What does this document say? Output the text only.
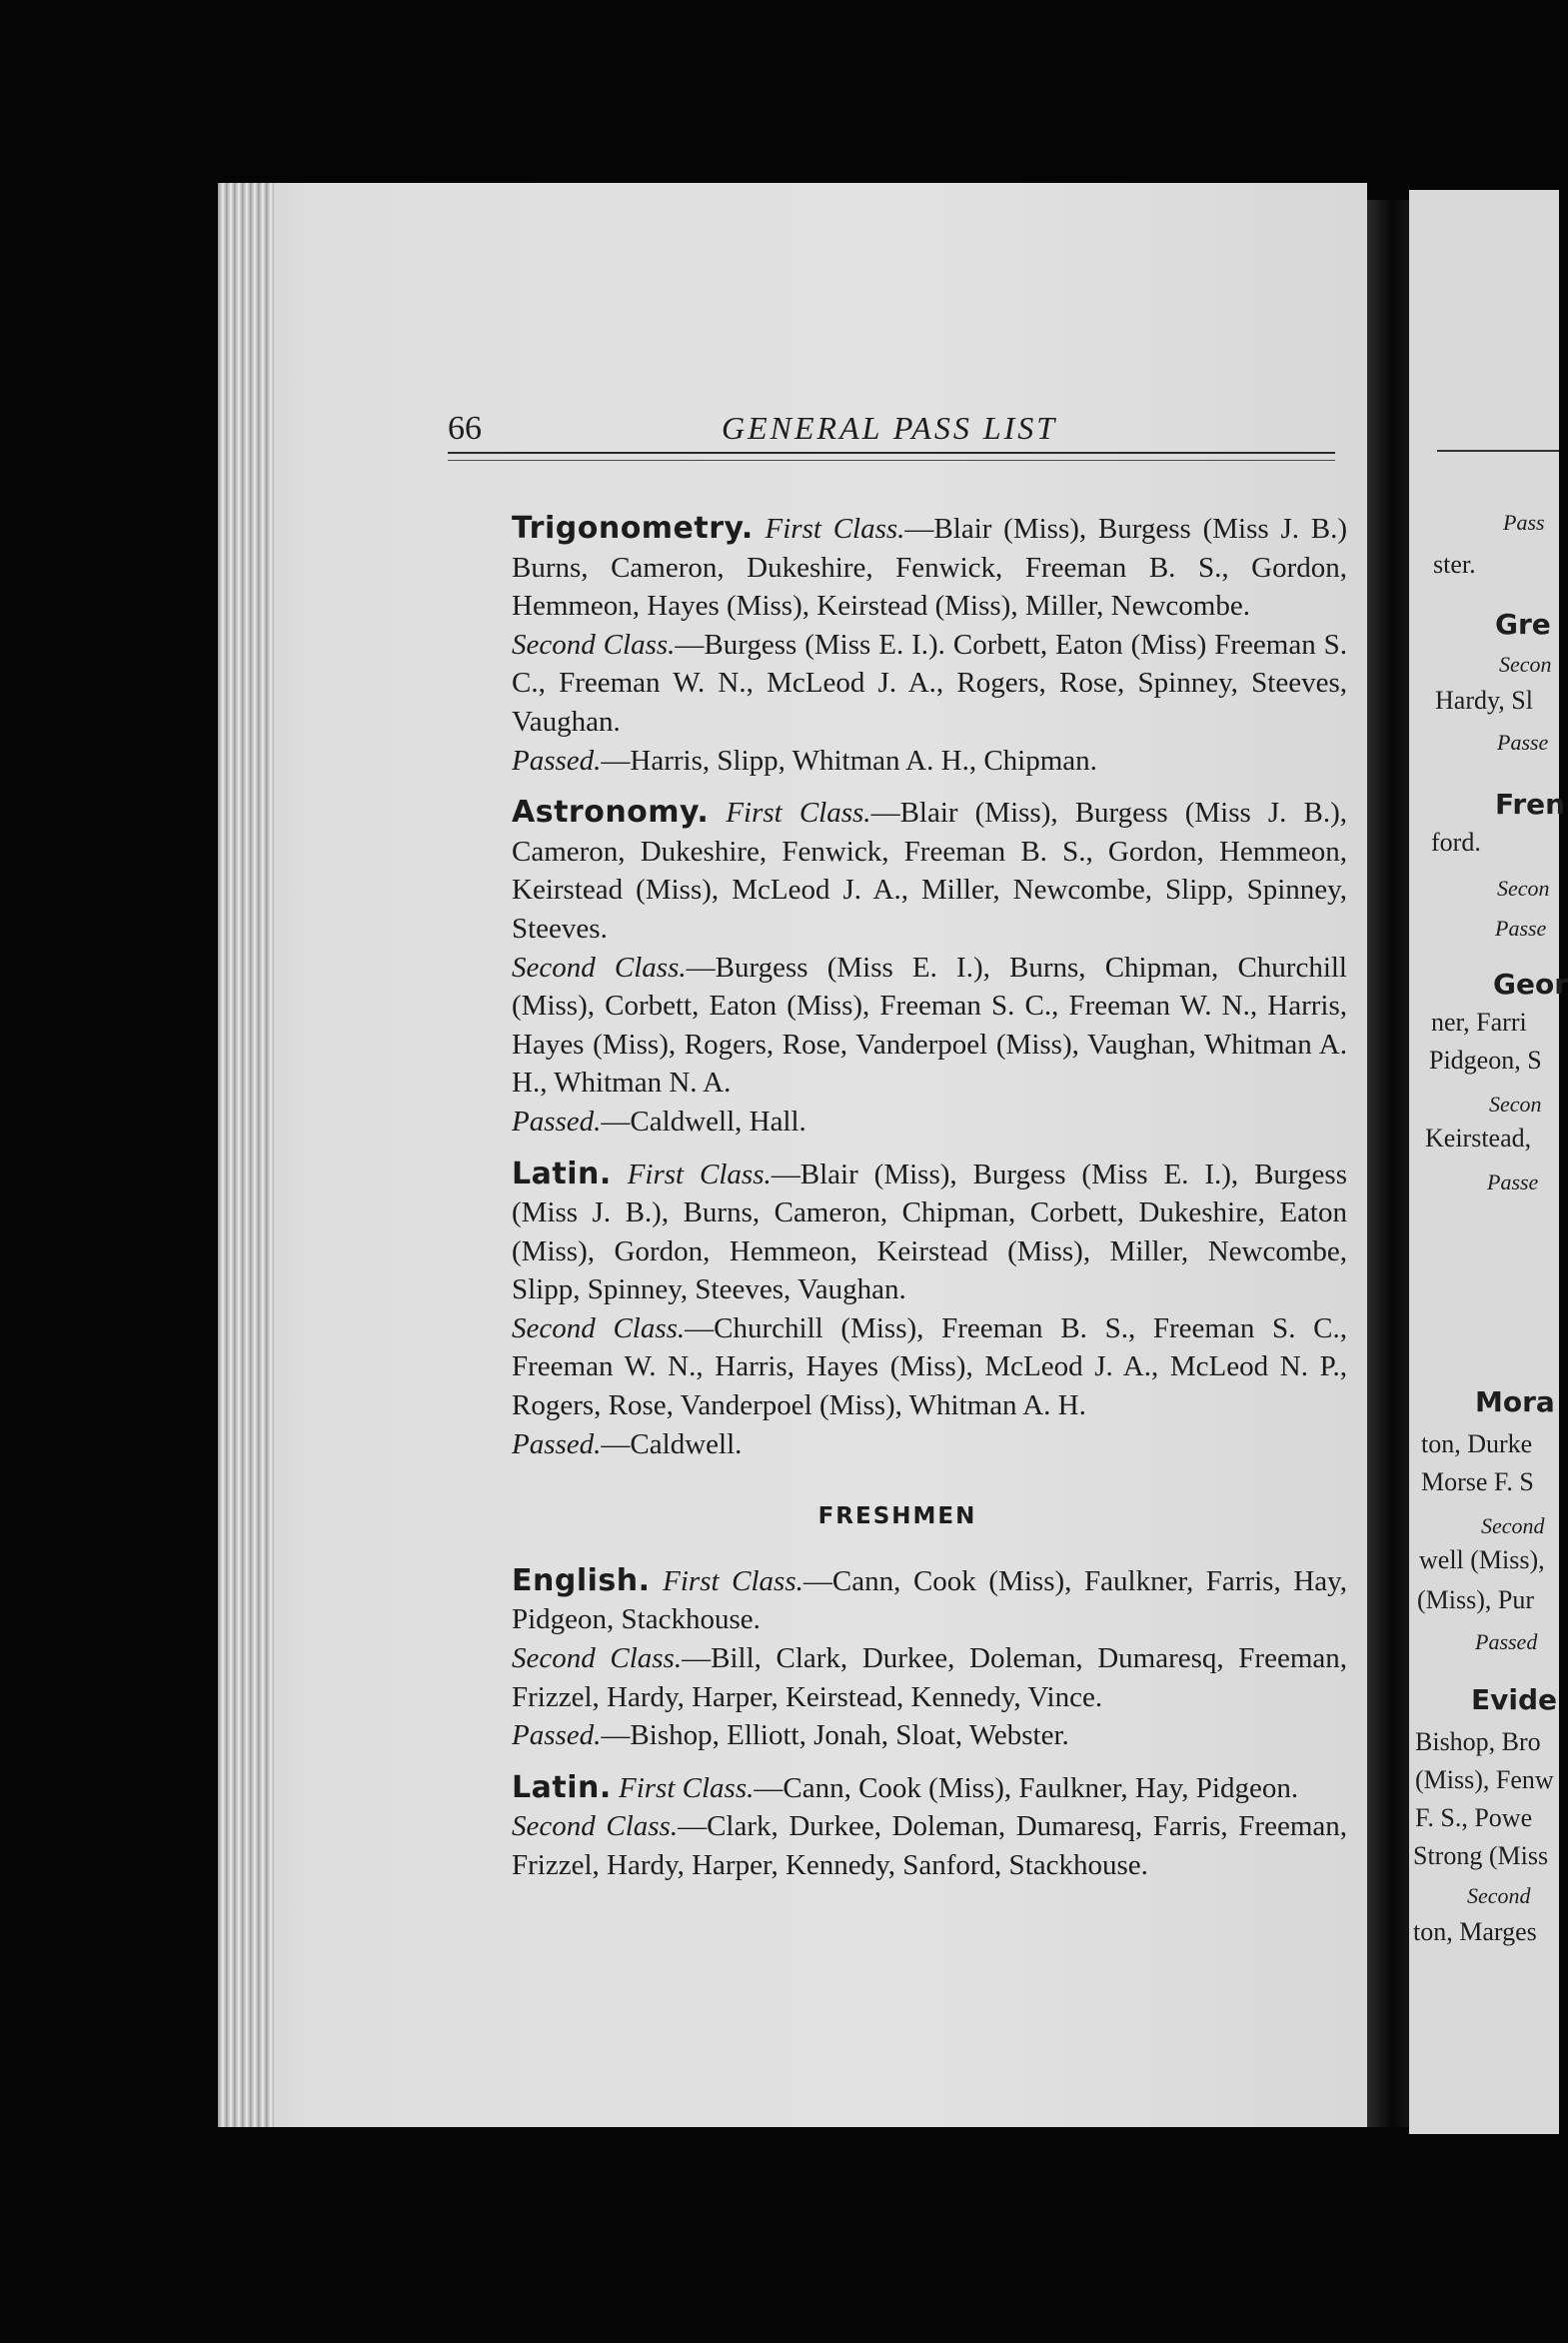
66	GENERAL PASS LIST

Trigonometry. First Class.—Blair (Miss), Burgess (Miss J. B.) Burns, Cameron, Dukeshire, Fenwick, Freeman B. S., Gordon, Hemmeon, Hayes (Miss), Keirstead (Miss), Miller, Newcombe.

Second Class.—Burgess (Miss E. I.). Corbett, Eaton (Miss) Freeman S. C., Freeman W. N., McLeod J. A., Rogers, Rose, Spinney, Steeves, Vaughan.

Passed.—Harris, Slipp, Whitman A. H., Chipman.

Astronomy. First Class.—Blair (Miss), Burgess (Miss J. B.), Cameron, Dukeshire, Fenwick, Freeman B. S., Gordon, Hemmeon, Keirstead (Miss), McLeod J. A., Miller, Newcombe, Slipp, Spinney, Steeves.

Second Class.—Burgess (Miss E. I.), Burns, Chipman, Churchill (Miss), Corbett, Eaton (Miss), Freeman S. C., Freeman W. N., Harris, Hayes (Miss), Rogers, Rose, Vanderpoel (Miss), Vaughan, Whitman A. H., Whitman N. A.

Passed.—Caldwell, Hall.

Latin. First Class.—Blair (Miss), Burgess (Miss E. I.), Burgess (Miss J. B.), Burns, Cameron, Chipman, Corbett, Dukeshire, Eaton (Miss), Gordon, Hemmeon, Keirstead (Miss), Miller, Newcombe, Slipp, Spinney, Steeves, Vaughan.

Second Class.—Churchill (Miss), Freeman B. S., Freeman S. C., Freeman W. N., Harris, Hayes (Miss), McLeod J. A., McLeod N. P., Rogers, Rose, Vanderpoel (Miss), Whitman A. H.

Passed.—Caldwell.

FRESHMEN

English. First Class.—Cann, Cook (Miss), Faulkner, Farris, Hay, Pidgeon, Stackhouse.

Second Class.—Bill, Clark, Durkee, Doleman, Dumaresq, Freeman, Frizzel, Hardy, Harper, Keirstead, Kennedy, Vince.

Passed.—Bishop, Elliott, Jonah, Sloat, Webster.

Latin. First Class.—Cann, Cook (Miss), Faulkner, Hay, Pidgeon.

Second Class.—Clark, Durkee, Doleman, Dumaresq, Farris, Freeman, Frizzel, Hardy, Harper, Kennedy, Sanford, Stackhouse.

Pass
ster.
Gre
Secon
Hardy, Sl
Passe
Fren
ford.
Secon
Passe
Geor
ner, Farri
Pidgeon, S
Secon
Keirstead,
Passe
Mora
ton, Durke
Morse F. S
Second
well (Miss),
(Miss), Pur
Passed
Evide
Bishop, Bro
(Miss), Fenw
F. S., Powe
Strong (Miss
Second
ton, Marges
